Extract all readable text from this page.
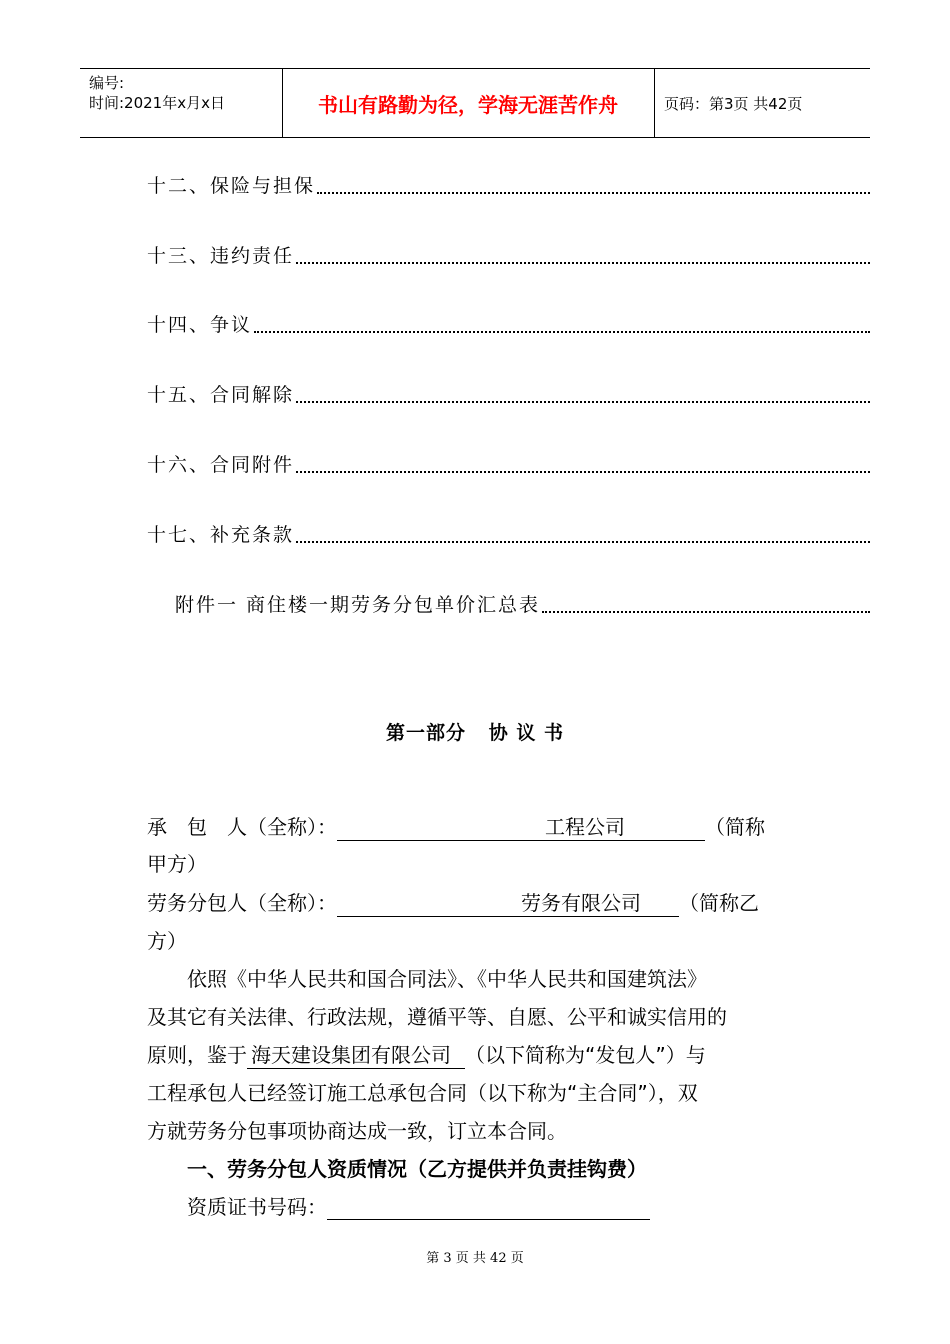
编号:
时间:2021年x月x日	书山有路勤为径，学海无涯苦作舟	页码：第3页 共42页
十二、保险与担保
十三、违约责任
十四、争议
十五、合同解除
十六、合同附件
十七、补充条款
附件一 商住楼一期劳务分包单价汇总表
第一部分   协 议 书
承　包　人（全称）：	工程公司	（简称
甲方）
劳务分包人（全称）：	劳务有限公司 （简称乙
方）
依照《中华人民共和国合同法》、《中华人民共和国建筑法》
及其它有关法律、行政法规，遵循平等、自愿、公平和诚实信用的
原则，鉴于 海天建设集团有限公司 （以下简称为“发包人”）与
工程承包人已经签订施工总承包合同（以下称为“主合同”），双
方就劳务分包事项协商达成一致，订立本合同。
一、劳务分包人资质情况（乙方提供并负责挂钩费）
资质证书号码：
第 3 页 共 42 页
